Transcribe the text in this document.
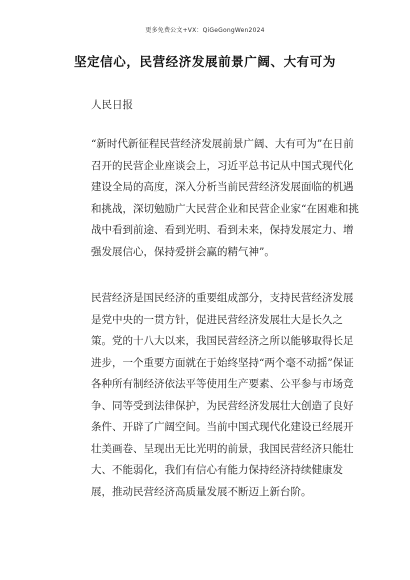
更多免费公文+VX：QiGeGongWen2024
坚定信心，民营经济发展前景广阔、大有可为
人民日报

“新时代新征程民营经济发展前景广阔、大有可为”在日前召开的民营企业座谈会上，习近平总书记从中国式现代化建设全局的高度，深入分析当前民营经济发展面临的机遇和挑战，深切勉励广大民营企业和民营企业家“在困难和挑战中看到前途、看到光明、看到未来，保持发展定力、增强发展信心，保持爱拼会赢的精气神”。

民营经济是国民经济的重要组成部分，支持民营经济发展是党中央的一贯方针，促进民营经济发展壮大是长久之策。党的十八大以来，我国民营经济之所以能够取得长足进步，一个重要方面就在于始终坚持“两个毫不动摇”保证各种所有制经济依法平等使用生产要素、公平参与市场竞争、同等受到法律保护，为民营经济发展壮大创造了良好条件、开辟了广阔空间。当前中国式现代化建设已经展开壮美画卷、呈现出无比光明的前景，我国民营经济只能壮大、不能弱化，我们有信心有能力保持经济持续健康发展，推动民营经济高质量发展不断迈上新台阶。
